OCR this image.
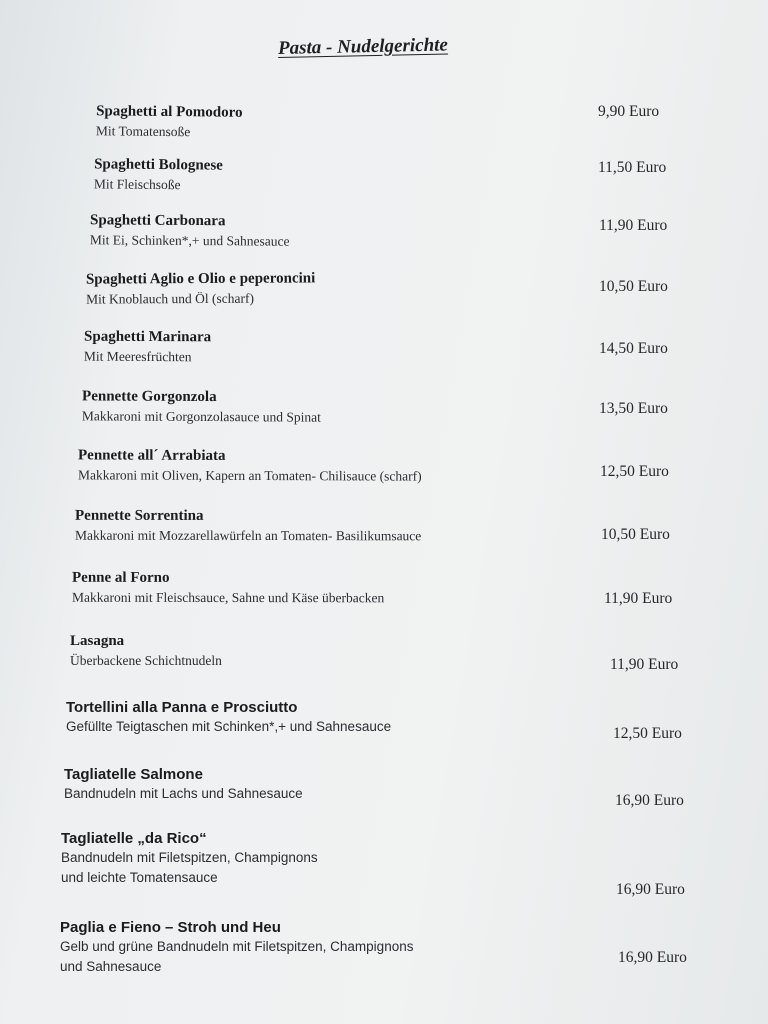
Pasta - Nudelgerichte
Spaghetti al Pomodoro
Mit Tomatensoße
9,90 Euro
Spaghetti Bolognese
Mit Fleischsoße
11,50 Euro
Spaghetti Carbonara
Mit Ei, Schinken*,+ und Sahnesauce
11,90 Euro
Spaghetti Aglio e Olio e peperoncini
Mit Knoblauch und Öl (scharf)
10,50 Euro
Spaghetti Marinara
Mit Meeresfrüchten	14,50 Euro
Pennette Gorgonzola
Makkaroni mit Gorgonzolasauce und Spinat	13,50 Euro
Pennette all´ Arrabiata
Makkaroni mit Oliven, Kapern an Tomaten- Chilisauce (scharf)	12,50 Euro
Pennette Sorrentina
Makkaroni mit Mozzarellawürfeln an Tomaten- Basilikumsauce	10,50 Euro
Penne al Forno
Makkaroni mit Fleischsauce, Sahne und Käse überbacken	11,90 Euro
Lasagna
Überbackene Schichtnudeln	11,90 Euro
Tortellini alla Panna e Prosciutto
Gefüllte Teigtaschen mit Schinken*,+ und Sahnesauce	12,50 Euro
Tagliatelle Salmone
Bandnudeln mit Lachs und Sahnesauce	16,90 Euro
Tagliatelle „da Rico“
Bandnudeln mit Filetspitzen, Champignons
und leichte Tomatensauce
16,90 Euro
Paglia e Fieno – Stroh und Heu
Gelb und grüne Bandnudeln mit Filetspitzen, Champignons
und Sahnesauce
16,90 Euro
